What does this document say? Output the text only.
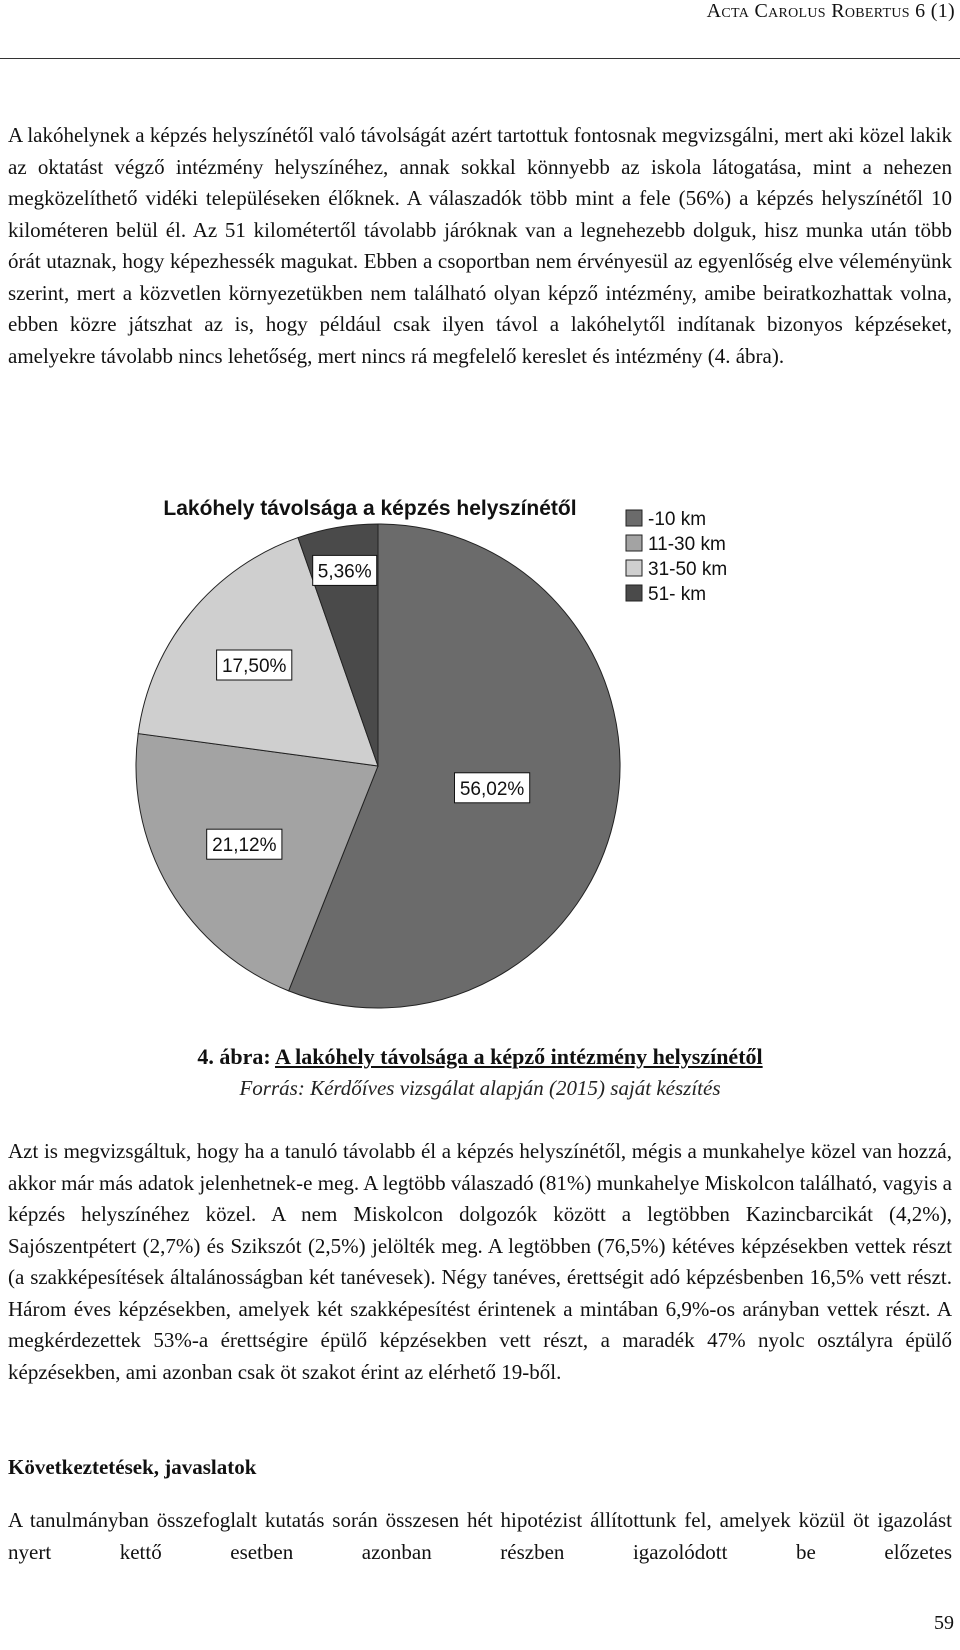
Acta Carolus Robertus 6 (1)

A lakóhelynek a képzés helyszínétől való távolságát azért tartottuk fontosnak megvizsgálni, mert aki közel lakik az oktatást végző intézmény helyszínéhez, annak sokkal könnyebb az iskola látogatása, mint a nehezen megközelíthető vidéki településeken élőknek. A válaszadók több mint a fele (56%) a képzés helyszínétől 10 kilométeren belül él. Az 51 kilométertől távolabb járóknak van a legnehezebb dolguk, hisz munka után több órát utaznak, hogy képezhessék magukat. Ebben a csoportban nem érvényesül az egyenlőség elve véleményünk szerint, mert a közvetlen környezetükben nem található olyan képző intézmény, amibe beiratkozhattak volna, ebben közre játszhat az is, hogy például csak ilyen távol a lakóhelytől indítanak bizonyos képzéseket, amelyekre távolabb nincs lehetőség, mert nincs rá megfelelő kereslet és intézmény (4. ábra).

Lakóhely távolsága a képzés helyszínétől
56,02%
21,12%
17,50%
5,36%
-10 km
11-30 km
31-50 km
51- km

4. ábra: A lakóhely távolsága a képző intézmény helyszínétől

Forrás: Kérdőíves vizsgálat alapján (2015) saját készítés

Azt is megvizsgáltuk, hogy ha a tanuló távolabb él a képzés helyszínétől, mégis a munkahelye közel van hozzá, akkor már más adatok jelenhetnek-e meg. A legtöbb válaszadó (81%) munkahelye Miskolcon található, vagyis a képzés helyszínéhez közel. A nem Miskolcon dolgozók között a legtöbben Kazincbarcikát (4,2%), Sajószentpétert (2,7%) és Szikszót (2,5%) jelölték meg. A legtöbben (76,5%) kétéves képzésekben vettek részt (a szakképesítések általánosságban két tanévesek). Négy tanéves, érettségit adó képzésbenben 16,5% vett részt. Három éves képzésekben, amelyek két szakképesítést érintenek a mintában 6,9%-os arányban vettek részt. A megkérdezettek 53%-a érettségire épülő képzésekben vett részt, a maradék 47% nyolc osztályra épülő képzésekben, ami azonban csak öt szakot érint az elérhető 19-ből.

Következtetések, javaslatok

A tanulmányban összefoglalt kutatás során összesen hét hipotézist állítottunk fel, amelyek közül öt igazolást nyert kettő esetben azonban részben igazolódott be előzetes

59
